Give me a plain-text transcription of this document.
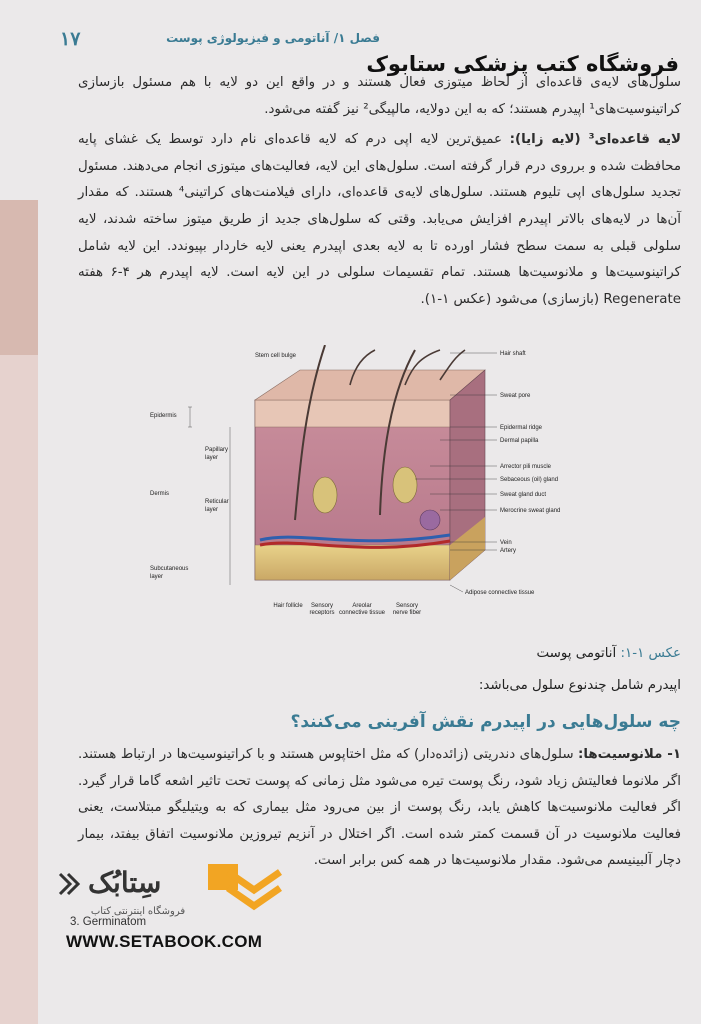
۱۷	فصل ۱/ آناتومی و فیزیولوژی پوست
فروشگاه کتب پزشکی ستابوک

سلول‌های لایه‌ی قاعده‌ای از لحاظ میتوزی فعال هستند و در واقع این دو لایه با هم مسئول بازسازی کراتینوسیت‌های¹ اپیدرم هستند؛ که به این دولایه، مالپیگی² نیز گفته می‌شود.

لایه قاعده‌ای³ (لایه زایا): عمیق‌ترین لایه اپی درم که لایه قاعده‌ای نام دارد توسط یک غشای پایه محافظت شده و برروی درم قرار گرفته است. سلول‌های این لایه، فعالیت‌های میتوزی انجام می‌دهند. مسئول تجدید سلول‌های اپی تلیوم هستند. سلول‌های لایه‌ی قاعده‌ای، دارای فیلامنت‌های کراتینی⁴ هستند. که مقدار آن‌ها در لایه‌های بالاتر اپیدرم افزایش می‌یابد. وقتی که سلول‌های جدید از طریق میتوز ساخته شدند، لایه سلولی قبلی به سمت سطح فشار اورده تا به لایه بعدی اپیدرم یعنی لایه خاردار بپیوندد. این لایه شامل کراتینوسیت‌ها و ملانوسیت‌ها هستند. تمام تقسیمات سلولی در این لایه است. لایه اپیدرم هر ۴-۶ هفته Regenerate (بازسازی) می‌شود (عکس ۱-۱).

Epidermis
Papillary
layer
Dermis
Reticular
layer
Subcutaneous
layer
Stem cell bulge	Hair shaft
Sweat pore
Epidermal ridge
Dermal papilla
Arrector pili muscle
Sebaceous (oil) gland
Sweat gland duct
Merocrine sweat gland
Vein
Artery
Adipose connective tissue
Hair follicle Sensory
receptors
Areolar
connective tissue
Sensory
nerve fiber
عکس ۱-۱: آناتومی پوست
اپیدرم شامل چندنوع سلول می‌باشد:
چه سلول‌هایی در اپیدرم نقش آفرینی می‌کنند؟

۱- ملانوسیت‌ها: سلول‌های دندریتی (زائده‌دار) که مثل اختاپوس هستند و با کراتینوسیت‌ها در ارتباط هستند. اگر ملانوما فعالیتش زیاد شود، رنگ پوست تیره می‌شود مثل زمانی که پوست تحت تاثیر اشعه گاما قرار گیرد. اگر فعالیت ملانوسیت‌ها کاهش یابد، رنگ پوست از بین می‌رود مثل بیماری که به ویتیلیگو مبتلاست، یعنی فعالیت ملانوسیت در آن قسمت کمتر شده است. اگر اختلال در آنزیم تیروزین ملانوسیت اتفاق بیفتد، بیمار دچار آلبینیسم می‌شود. مقدار ملانوسیت‌ها در همه کس برابر است.

سِتابُک
فروشگاه اینترنتی کتاب
3. Germinatom
WWW.SETABOOK.COM
